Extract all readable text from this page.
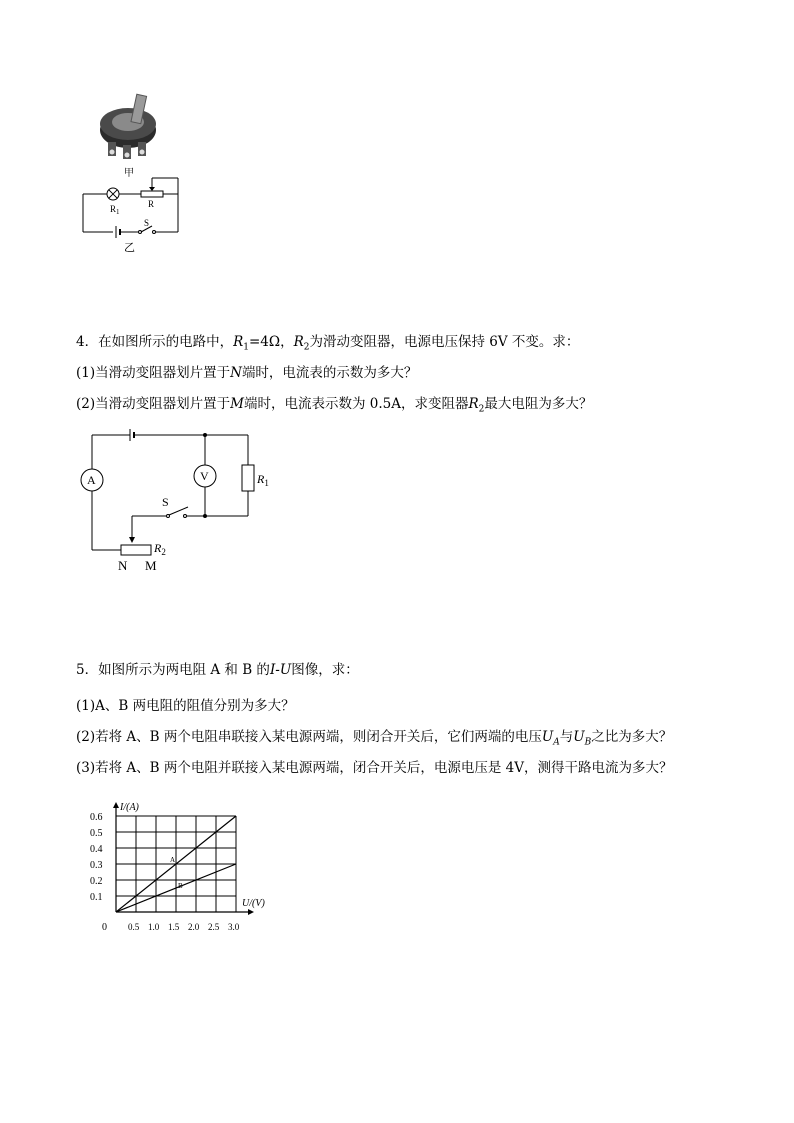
甲
$R_1$
R
S
乙
4．在如图所示的电路中，$R_1=4\Omega$，$R_2$为滑动变阻器，电源电压保持 6V 不变。求：
(1)当滑动变阻器划片置于N端时，电流表的示数为多大？
(2)当滑动变阻器划片置于M端时，电流表示数为 0.5A，求变阻器$R_2$最大电阻为多大？
A	V	$R_1$
S
$R_2$
N M
5．如图所示为两电阻 A 和 B 的I-U图像，求：
(1)A、B 两电阻的阻值分别为多大？
(2)若将 A、B 两个电阻串联接入某电源两端，则闭合开关后，它们两端的电压$U_A$与$U_B$之比为多大？
(3)若将 A、B 两个电阻并联接入某电源两端，闭合开关后，电源电压是 4V，测得干路电流为多大？
A
B
0.6
0.5
0.4
0.3
0.2
0.1
0.5 1.0 1.5 2.0 2.5 3.0
0
I/(A)
U/(V)
